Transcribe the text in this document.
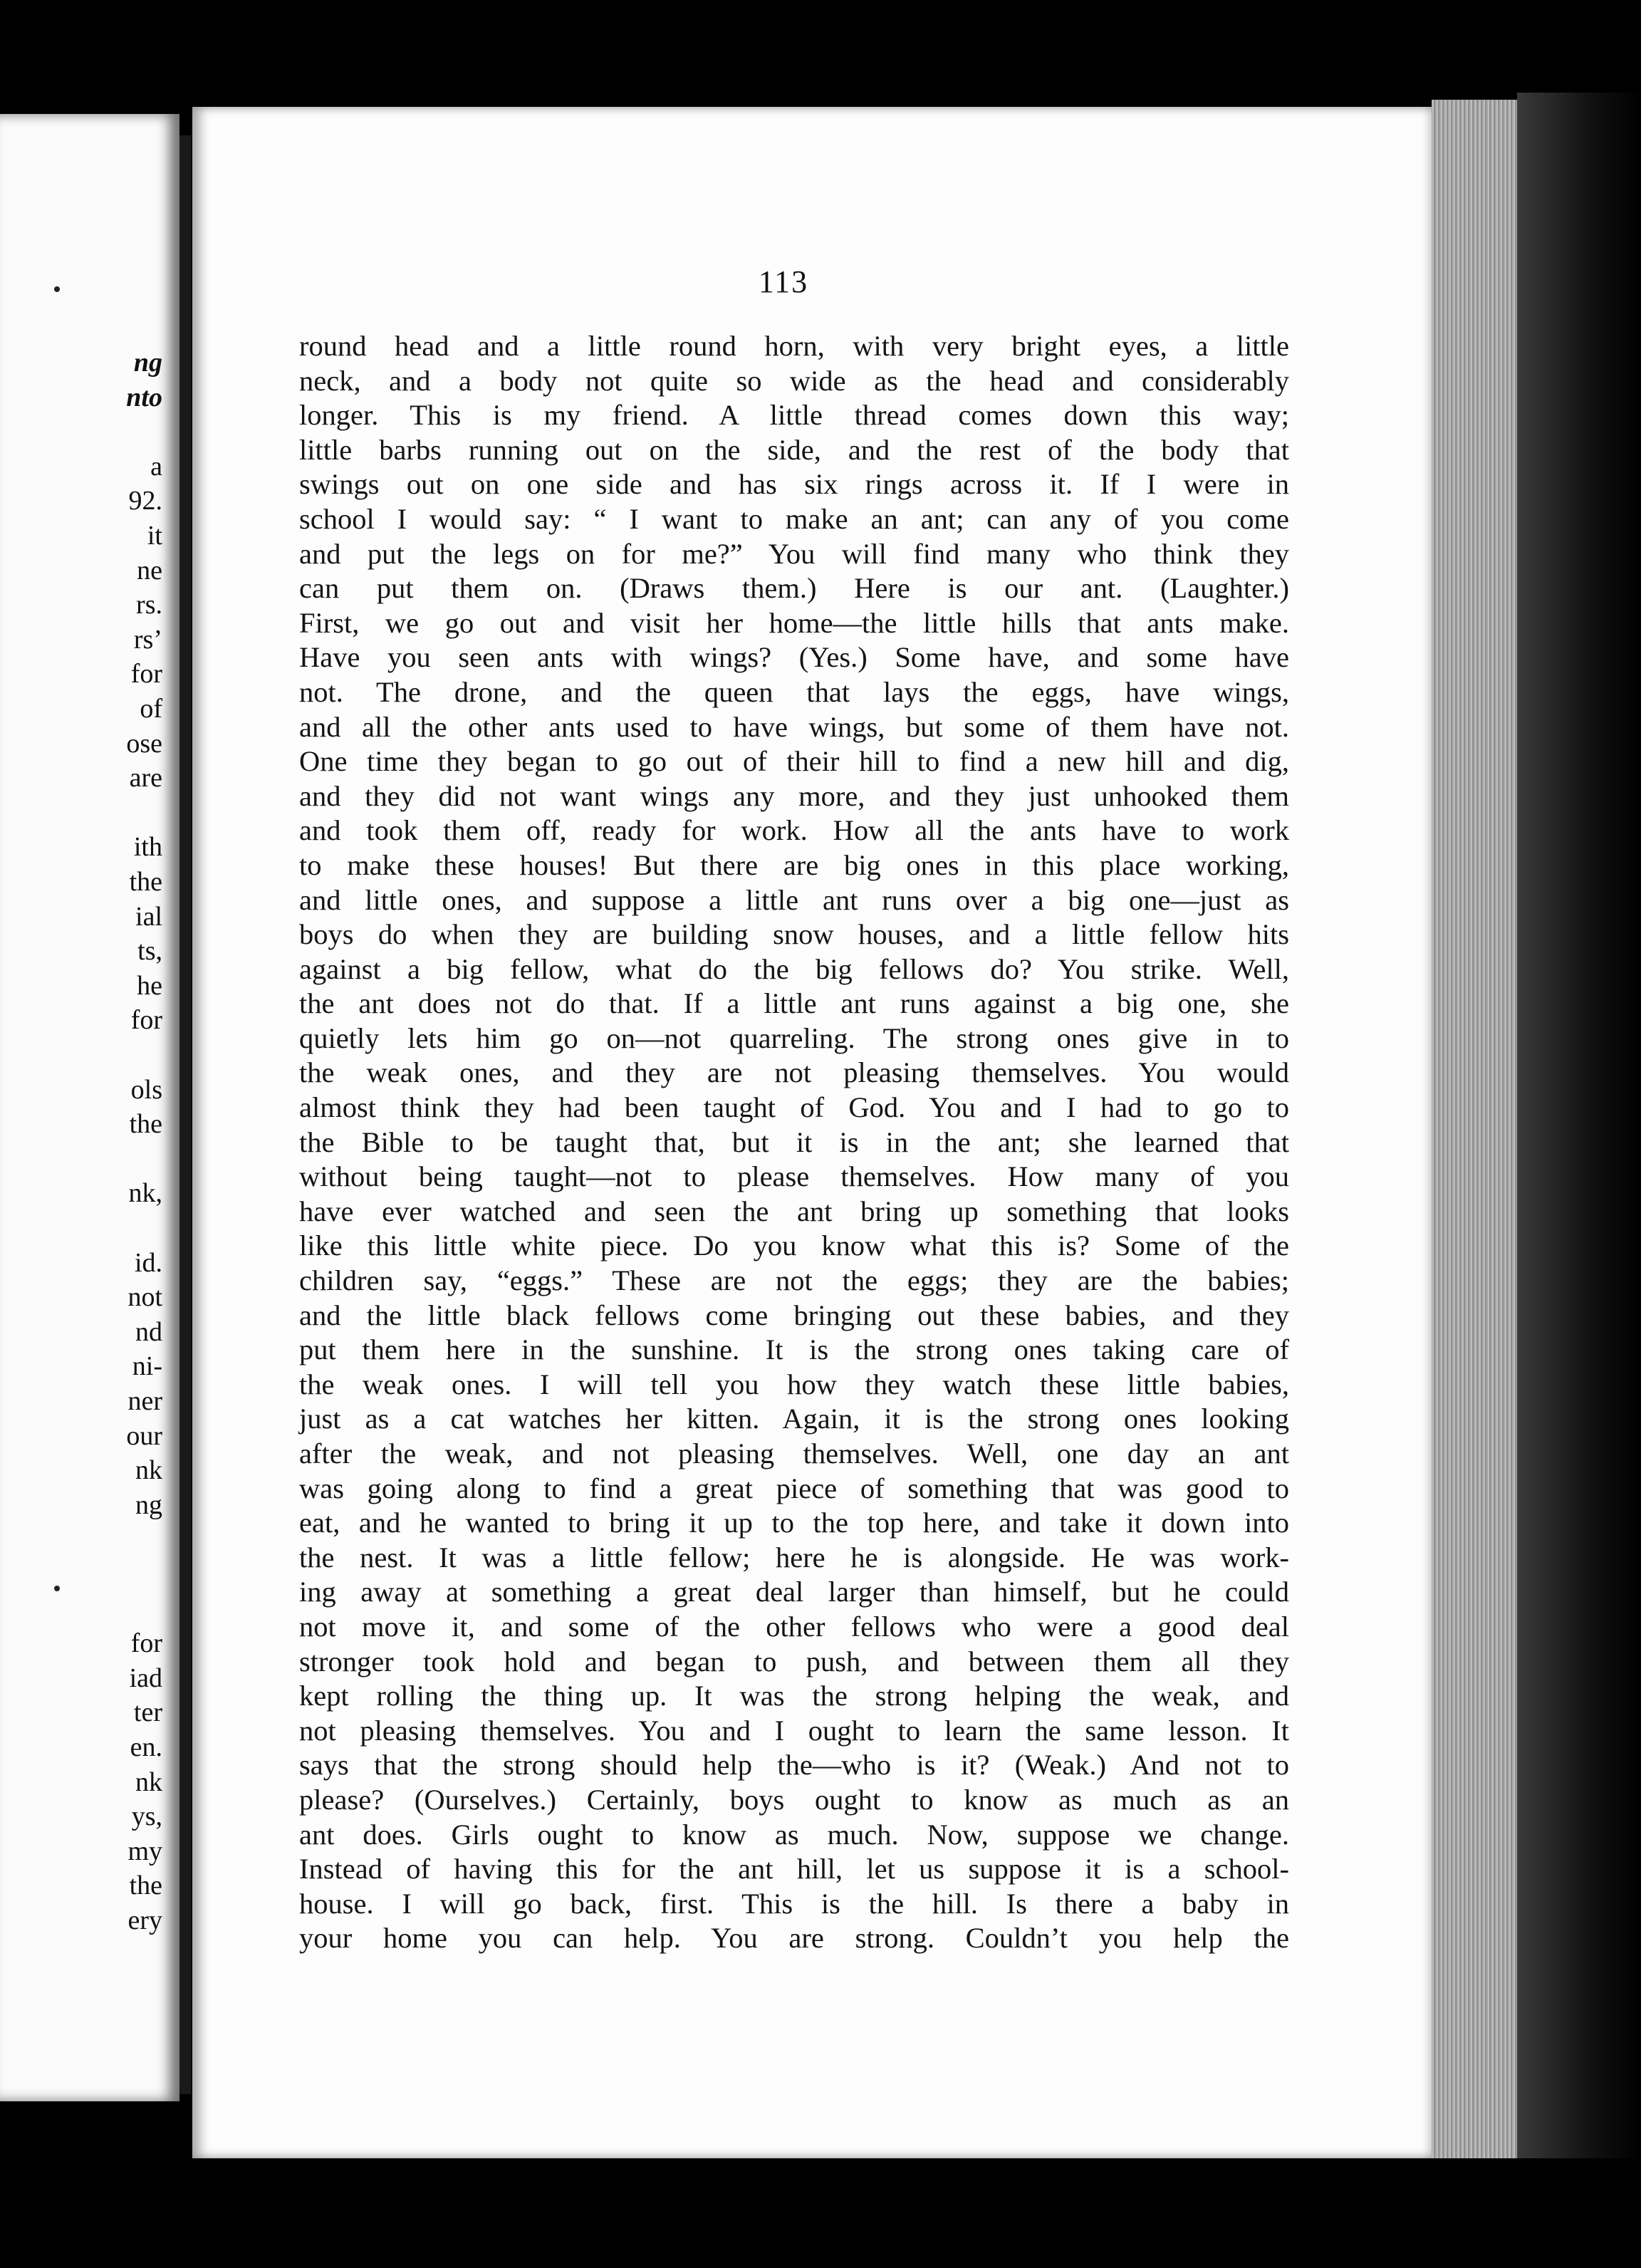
ng
nto
a
92.
it
ne
rs.
rs’
for
of
ose
are
ith
the
ial
ts,
he
for
ols
the
nk,
id.
not
nd
ni-
ner
our
nk
ng
for
iad
ter
en.
nk
ys,
my
the
ery
113
round head and a little round horn, with very bright eyes, a little
neck, and a body not quite so wide as the head and considerably
longer. This is my friend. A little thread comes down this way;
little barbs running out on the side, and the rest of the body that
swings out on one side and has six rings across it. If I were in
school I would say: “ I want to make an ant; can any of you come
and put the legs on for me?” You will find many who think they
can put them on. (Draws them.) Here is our ant. (Laughter.)
First, we go out and visit her home—the little hills that ants make.
Have you seen ants with wings? (Yes.) Some have, and some have
not. The drone, and the queen that lays the eggs, have wings,
and all the other ants used to have wings, but some of them have not.
One time they began to go out of their hill to find a new hill and dig,
and they did not want wings any more, and they just unhooked them
and took them off, ready for work. How all the ants have to work
to make these houses! But there are big ones in this place working,
and little ones, and suppose a little ant runs over a big one—just as
boys do when they are building snow houses, and a little fellow hits
against a big fellow, what do the big fellows do? You strike. Well,
the ant does not do that. If a little ant runs against a big one, she
quietly lets him go on—not quarreling. The strong ones give in to
the weak ones, and they are not pleasing themselves. You would
almost think they had been taught of God. You and I had to go to
the Bible to be taught that, but it is in the ant; she learned that
without being taught—not to please themselves. How many of you
have ever watched and seen the ant bring up something that looks
like this little white piece. Do you know what this is? Some of the
children say, “eggs.” These are not the eggs; they are the babies;
and the little black fellows come bringing out these babies, and they
put them here in the sunshine. It is the strong ones taking care of
the weak ones. I will tell you how they watch these little babies,
just as a cat watches her kitten. Again, it is the strong ones looking
after the weak, and not pleasing themselves. Well, one day an ant
was going along to find a great piece of something that was good to
eat, and he wanted to bring it up to the top here, and take it down into
the nest. It was a little fellow; here he is alongside. He was work-
ing away at something a great deal larger than himself, but he could
not move it, and some of the other fellows who were a good deal
stronger took hold and began to push, and between them all they
kept rolling the thing up. It was the strong helping the weak, and
not pleasing themselves. You and I ought to learn the same lesson. It
says that the strong should help the—who is it? (Weak.) And not to
please? (Ourselves.) Certainly, boys ought to know as much as an
ant does. Girls ought to know as much. Now, suppose we change.
Instead of having this for the ant hill, let us suppose it is a school-
house. I will go back, first. This is the hill. Is there a baby in
your home you can help. You are strong. Couldn’t you help the
